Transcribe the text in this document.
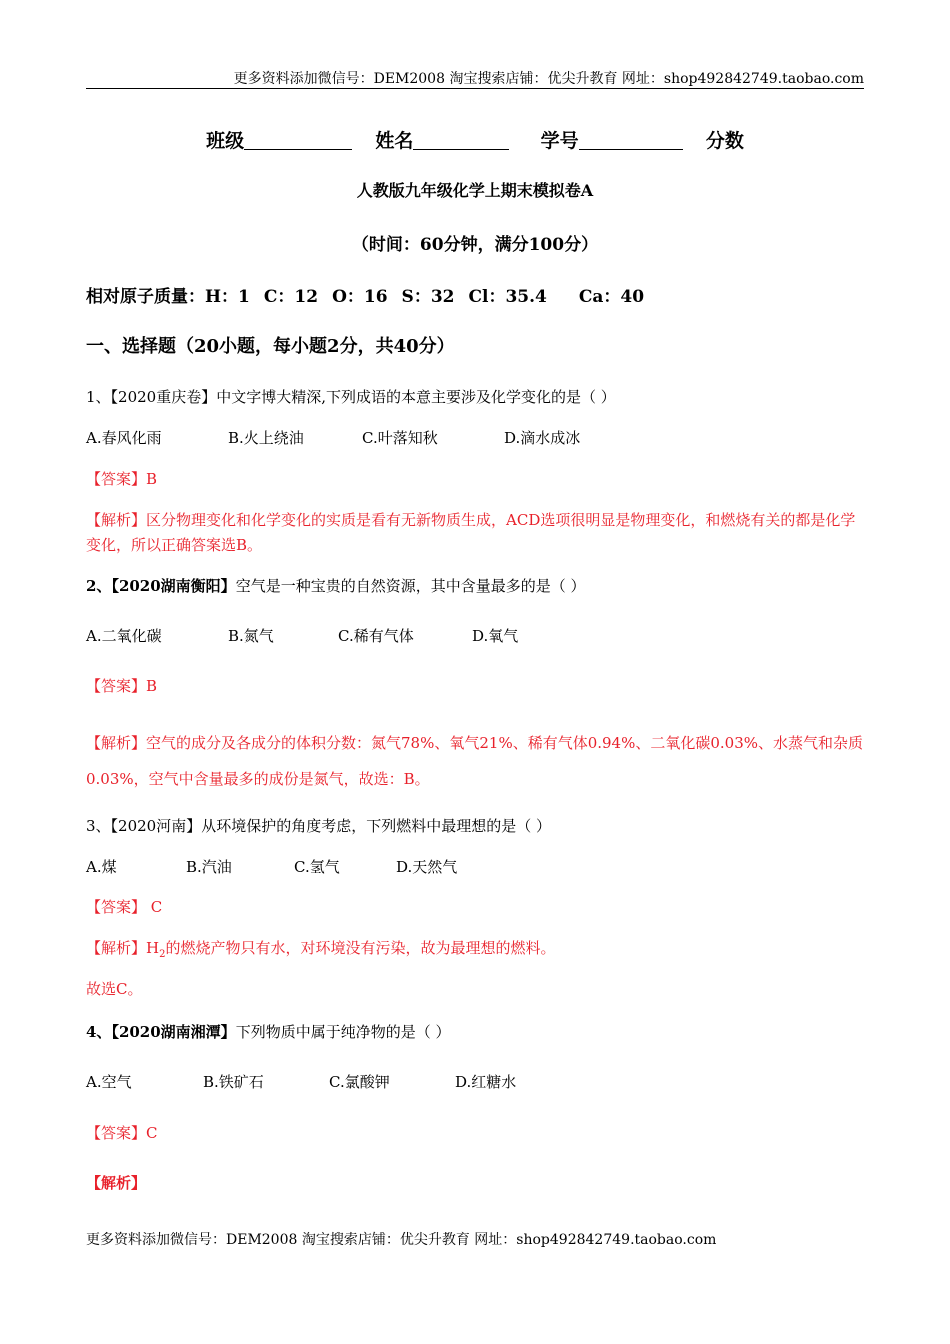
更多资料添加微信号：DEM2008 淘宝搜索店铺：优尖升教育 网址：shop492842749.taobao.com
班级	姓名	学号	分数
人教版九年级化学上期末模拟卷A
（时间：60分钟，满分100分）
相对原子质量：H：1 C：12 O：16 S：32 Cl：35.4 Ca：40
一、选择题（20小题，每小题2分，共40分）
1、【2020重庆卷】中文字博大精深,下列成语的本意主要涉及化学变化的是（ ）
A.春风化雨	B.火上绕油	C.叶落知秋	D.滴水成冰
【答案】B
【解析】区分物理变化和化学变化的实质是看有无新物质生成，ACD选项很明显是物理变化，和燃烧有关的都是化学变化，所以正确答案选B。
2、【2020湖南衡阳】空气是一种宝贵的自然资源，其中含量最多的是（ ）
A.二氧化碳	B.氮气	C.稀有气体	D.氧气
【答案】B
【解析】空气的成分及各成分的体积分数：氮气78%、氧气21%、稀有气体0.94%、二氧化碳0.03%、水蒸气和杂质0.03%，空气中含量最多的成份是氮气，故选：B。
3、【2020河南】从环境保护的角度考虑，下列燃料中最理想的是（ ）
A.煤	B.汽油	C.氢气	D.天然气
【答案】 C
【解析】$H_2$的燃烧产物只有水，对环境没有污染，故为最理想的燃料。
故选C。
4、【2020湖南湘潭】下列物质中属于纯净物的是（ ）
A.空气	B.铁矿石	C.氯酸钾	D.红糖水
【答案】C
【解析】
更多资料添加微信号：DEM2008 淘宝搜索店铺：优尖升教育 网址：shop492842749.taobao.com
